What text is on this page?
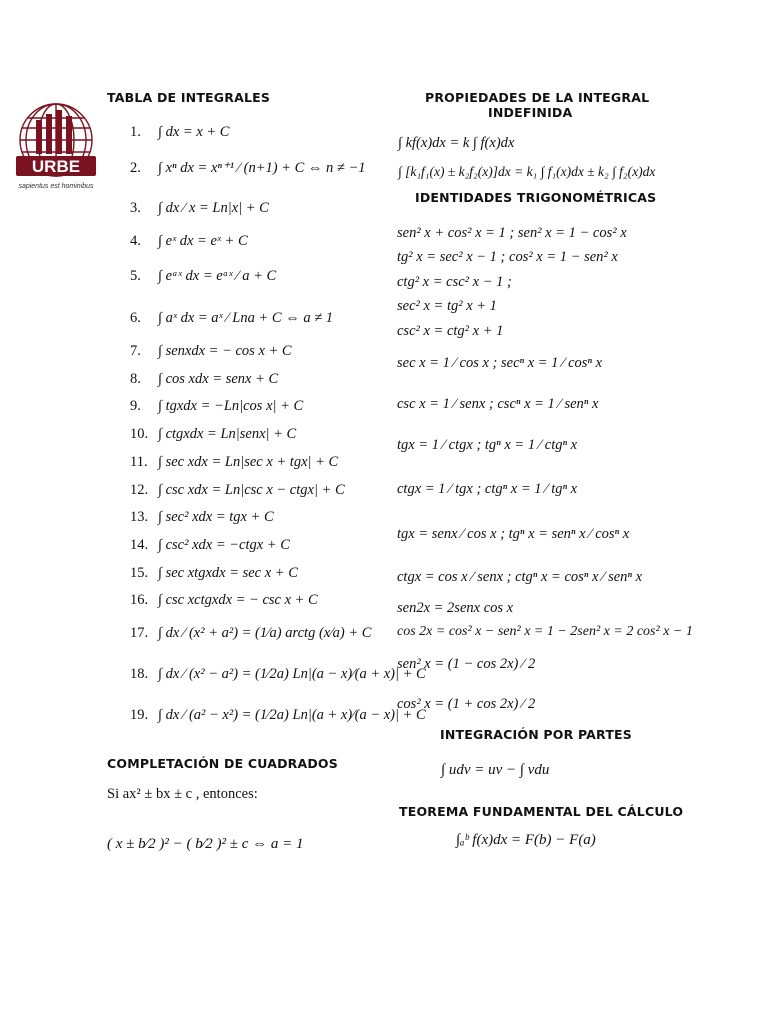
URBE
sapientus est hominibus
TABLA DE INTEGRALES
1.	∫ dx = x + C
2.	∫ xⁿ dx = xⁿ⁺¹ ⁄ (n+1) + C ⇔ n ≠ −1
3.	∫ dx ⁄ x = Ln|x| + C
4.	∫ eˣ dx = eˣ + C
5.	∫ eᵃˣ dx = eᵃˣ ⁄ a + C
6.	∫ aˣ dx = aˣ ⁄ Lna + C ⇔ a ≠ 1
7.	∫ senxdx = − cos x + C
8.	∫ cos xdx = senx + C
9.	∫ tgxdx = −Ln|cos x| + C
10. ∫ ctgxdx = Ln|senx| + C
11. ∫ sec xdx = Ln|sec x + tgx| + C
12. ∫ csc xdx = Ln|csc x − ctgx| + C
13. ∫ sec² xdx = tgx + C
14. ∫ csc² xdx = −ctgx + C
15. ∫ sec xtgxdx = sec x + C
16. ∫ csc xctgxdx = − csc x + C
17. ∫ dx ⁄ (x² + a²) = (1⁄a) arctg (x⁄a) + C
18. ∫ dx ⁄ (x² − a²) = (1⁄2a) Ln|(a − x)⁄(a + x)| + C
19. ∫ dx ⁄ (a² − x²) = (1⁄2a) Ln|(a + x)⁄(a − x)| + C
COMPLETACIÓN DE CUADRADOS
Si ax² ± bx ± c , entonces:
( x ± b⁄2 )² − ( b⁄2 )² ± c ⇔ a = 1
PROPIEDADES DE LA INTEGRAL
INDEFINIDA
∫ kf(x)dx = k ∫ f(x)dx
∫ [k₁f₁(x) ± k₂f₂(x)]dx = k₁ ∫ f₁(x)dx ± k₂ ∫ f₂(x)dx
IDENTIDADES TRIGONOMÉTRICAS
sen² x + cos² x = 1 ; sen² x = 1 − cos² x
tg² x = sec² x − 1 ; cos² x = 1 − sen² x
ctg² x = csc² x − 1 ;
sec² x = tg² x + 1
csc² x = ctg² x + 1
sec x = 1 ⁄ cos x ; secⁿ x = 1 ⁄ cosⁿ x
csc x = 1 ⁄ senx ; cscⁿ x = 1 ⁄ senⁿ x
tgx = 1 ⁄ ctgx ; tgⁿ x = 1 ⁄ ctgⁿ x
ctgx = 1 ⁄ tgx ; ctgⁿ x = 1 ⁄ tgⁿ x
tgx = senx ⁄ cos x ; tgⁿ x = senⁿ x ⁄ cosⁿ x
ctgx = cos x ⁄ senx ; ctgⁿ x = cosⁿ x ⁄ senⁿ x
sen2x = 2senx cos x
cos 2x = cos² x − sen² x = 1 − 2sen² x = 2 cos² x − 1
sen² x = (1 − cos 2x) ⁄ 2
cos² x = (1 + cos 2x) ⁄ 2
INTEGRACIÓN POR PARTES
∫ udv = uv − ∫ vdu
TEOREMA FUNDAMENTAL DEL CÁLCULO
∫ₐᵇ f(x)dx = F(b) − F(a)
